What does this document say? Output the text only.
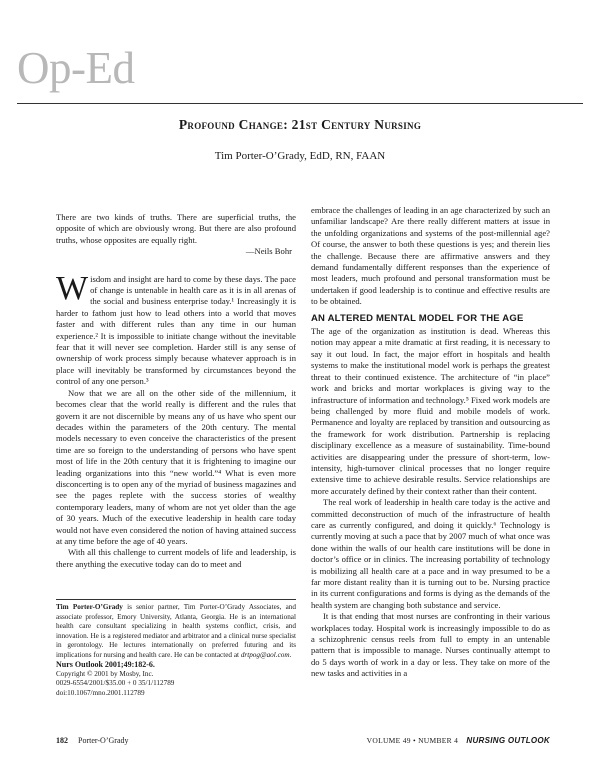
Op-Ed
Profound Change: 21st Century Nursing
Tim Porter-O’Grady, EdD, RN, FAAN

There are two kinds of truths. There are superficial truths, the opposite of which are obviously wrong. But there are also profound truths, whose opposites are equally right.

—Neils Bohr

Wisdom and insight are hard to come by these days. The pace of change is untenable in health care as it is in all arenas of the social and business enterprise today.¹ Increasingly it is harder to fathom just how to lead others into a world that moves faster and with different rules than any time in our human experience.² It is impossible to initiate change without the inevitable fear that it will never see completion. Harder still is any sense of ownership of work process simply because whatever approach is in place will inevitably be transformed by circumstances beyond the control of any one person.³

Now that we are all on the other side of the millennium, it becomes clear that the world really is different and the rules that govern it are not discernible by means any of us have who spent our decades within the parameters of the 20th century. The mental models necessary to even conceive the characteristics of the present time are so foreign to the understanding of persons who have spent most of life in the 20th century that it is frightening to imagine our leading organizations into this “new world.”⁴ What is even more disconcerting is to open any of the myriad of business magazines and see the pages replete with the success stories of wealthy contemporary leaders, many of whom are not yet older than the age of 30 years. Much of the executive leadership in health care today would not have even considered the notion of having attained success at any time before the age of 40 years.

With all this challenge to current models of life and leadership, is there anything the executive today can do to meet and

Tim Porter-O’Grady is senior partner, Tim Porter-O’Grady Associates, and associate professor, Emory University, Atlanta, Georgia. He is an international health care consultant specializing in health systems conflict, crisis, and innovation. He is a registered mediator and arbitrator and a clinical nurse specialist in gerontology. He lectures internationally on preferred futuring and its implications for nursing and health care. He can be contacted at drtpog@aol.com.
Nurs Outlook 2001;49:182-6.
Copyright © 2001 by Mosby, Inc.
0029-6554/2001/$35.00 + 0 35/1/112789
doi:10.1067/mno.2001.112789

embrace the challenges of leading in an age characterized by such an unfamiliar landscape? Are there really different matters at issue in the unfolding organizations and systems of the post-millennial age? Of course, the answer to both these questions is yes; and therein lies the challenge. Because there are affirmative answers and they demand fundamentally different responses than the experience of most leaders, much profound and personal transformation must be undertaken if good leadership is to continue and effective results are to be obtained.

AN ALTERED MENTAL MODEL FOR THE AGE

The age of the organization as institution is dead. Whereas this notion may appear a mite dramatic at first reading, it is necessary to say it out loud. In fact, the major effort in hospitals and health systems to make the institutional model work is perhaps the greatest threat to their continued existence. The architecture of “in place” work and bricks and mortar workplaces is giving way to the infrastructure of information and technology.⁵ Fixed work models are being challenged by more fluid and mobile models of work. Permanence and loyalty are replaced by transition and outsourcing as the framework for work distribution. Partnership is replacing disciplinary excellence as a measure of sustainability. Time-bound activities are disappearing under the pressure of short-term, low-intensity, high-turnover clinical processes that no longer require extensive time to achieve desirable results. Service relationships are more accurately defined by their context rather than their content.

The real work of leadership in health care today is the active and committed deconstruction of much of the infrastructure of health care as currently configured, and doing it quickly.⁶ Technology is currently moving at such a pace that by 2007 much of what once was done within the walls of our health care institutions will be done in doctor’s office or in clinics. The increasing portability of technology is mobilizing all health care at a pace and in way presumed to be a far more distant reality than it is turning out to be. Nursing practice in its current configurations and forms is dying as the demands of the health system are changing both substance and service.

It is that ending that most nurses are confronting in their various workplaces today. Hospital work is increasingly impossible to do as a schizophrenic census reels from full to empty in an untenable pattern that is impossible to manage. Nurses continually attempt to do 5 days worth of work in a day or less. They take on more of the new tasks and activities in a

182 Porter-O’Grady	VOLUME 49 • NUMBER 4 NURSING OUTLOOK
